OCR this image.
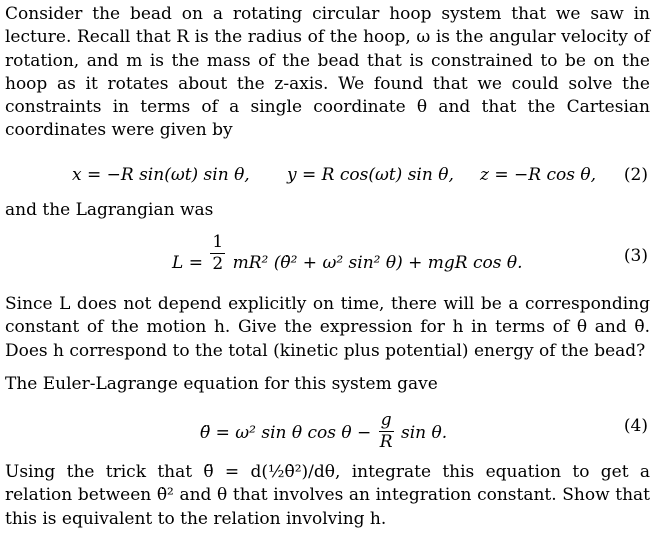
Consider the bead on a rotating circular hoop system that we saw in lecture. Recall that R is the radius of the hoop, ω is the angular velocity of rotation, and m is the mass of the bead that is constrained to be on the hoop as it rotates about the z-axis. We found that we could solve the constraints in terms of a single coordinate θ and that the Cartesian coordinates were given by
x = −R sin(ωt) sin θ, y = R cos(ωt) sin θ, z = −R cos θ, (2)
and the Lagrangian was
$L = \frac{1}{2} mR^2$ (θ̇² + ω² sin² θ) + mgR cos θ.	(3)
Since L does not depend explicitly on time, there will be a corresponding constant of the motion h. Give the expression for h in terms of θ and θ̇. Does h correspond to the total (kinetic plus potential) energy of the bead?
The Euler-Lagrange equation for this system gave
θ̈ = ω² sin θ $\cos \theta - \frac{g}{R}$ sin θ.	(4)
Using the trick that θ̈ = d(½θ̇²)/dθ, integrate this equation to get a relation between θ̇² and θ that involves an integration constant. Show that this is equivalent to the relation involving h.
